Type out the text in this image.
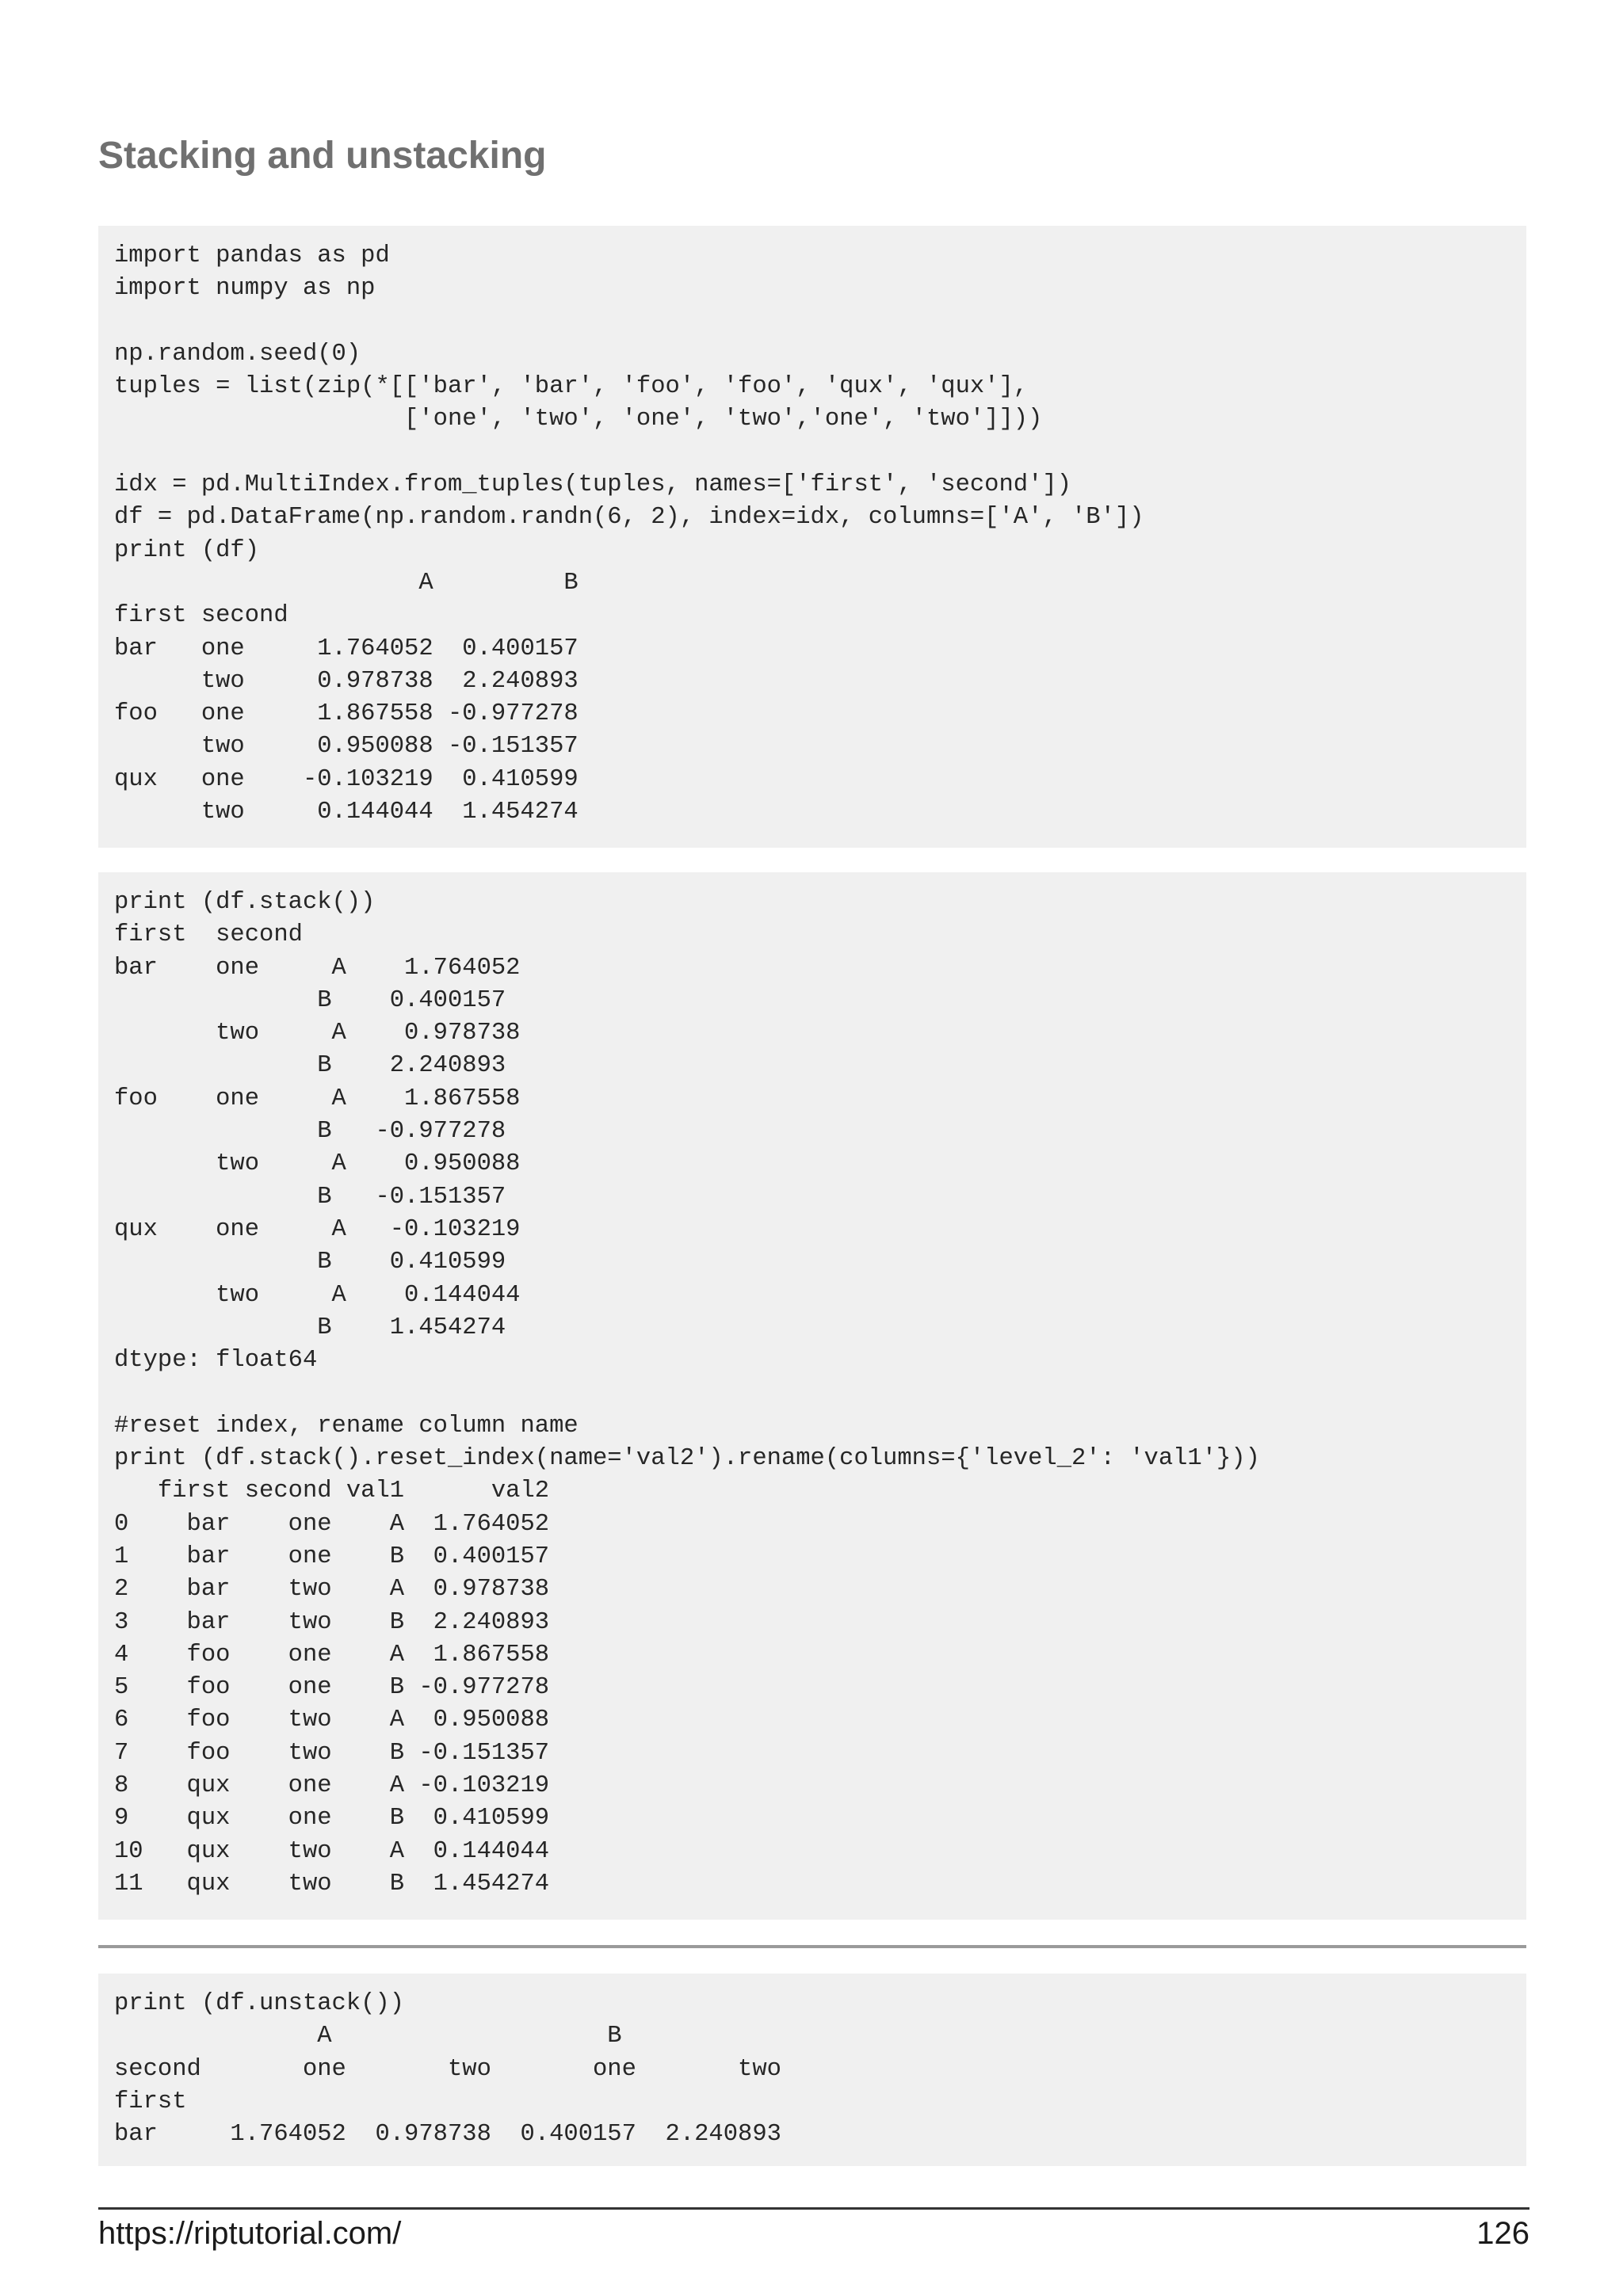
Stacking and unstacking
import pandas as pd
import numpy as np

np.random.seed(0)
tuples = list(zip(*[['bar', 'bar', 'foo', 'foo', 'qux', 'qux'],
['one', 'two', 'one', 'two','one', 'two']]))

idx = pd.MultiIndex.from_tuples(tuples, names=['first', 'second'])
df = pd.DataFrame(np.random.randn(6, 2), index=idx, columns=['A', 'B'])
print (df)
A         B
first second
bar   one     1.764052  0.400157
two     0.978738  2.240893
foo   one     1.867558 -0.977278
two     0.950088 -0.151357
qux   one    -0.103219  0.410599
two     0.144044  1.454274
print (df.stack())
first  second
bar    one     A    1.764052
B    0.400157
two     A    0.978738
B    2.240893
foo    one     A    1.867558
B   -0.977278
two     A    0.950088
B   -0.151357
qux    one     A   -0.103219
B    0.410599
two     A    0.144044
B    1.454274
dtype: float64

#reset index, rename column name
print (df.stack().reset_index(name='val2').rename(columns={'level_2': 'val1'}))
first second val1      val2
0    bar    one    A  1.764052
1    bar    one    B  0.400157
2    bar    two    A  0.978738
3    bar    two    B  2.240893
4    foo    one    A  1.867558
5    foo    one    B -0.977278
6    foo    two    A  0.950088
7    foo    two    B -0.151357
8    qux    one    A -0.103219
9    qux    one    B  0.410599
10   qux    two    A  0.144044
11   qux    two    B  1.454274
print (df.unstack())
A                   B
second       one       two       one       two
first
bar     1.764052  0.978738  0.400157  2.240893
https://riptutorial.com/	126
